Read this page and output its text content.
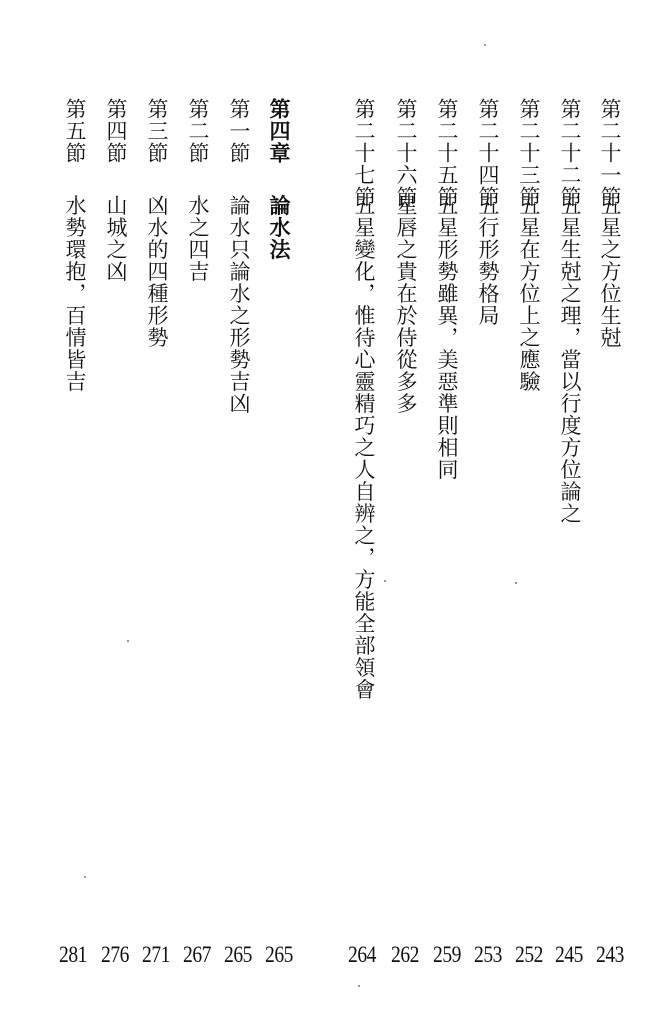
第二十一節五星之方位生尅
243
第二十二節五星生尅之理，當以行度方位論之
245
第二十三節五星在方位上之應驗
252
第二十四節五行形勢格局
253
第二十五節五星形勢雖異，美惡準則相同
259
第二十六節星唇之貴在於侍從多多
262
第二十七節五星變化，惟待心靈精巧之人自辨之，方能全部領會
264
第四章論水法
265
第一節論水只論水之形勢吉凶
265
第二節水之四吉
267
第三節凶水的四種形勢
271
第四節山城之凶
276
第五節水勢環抱，百情皆吉
281
